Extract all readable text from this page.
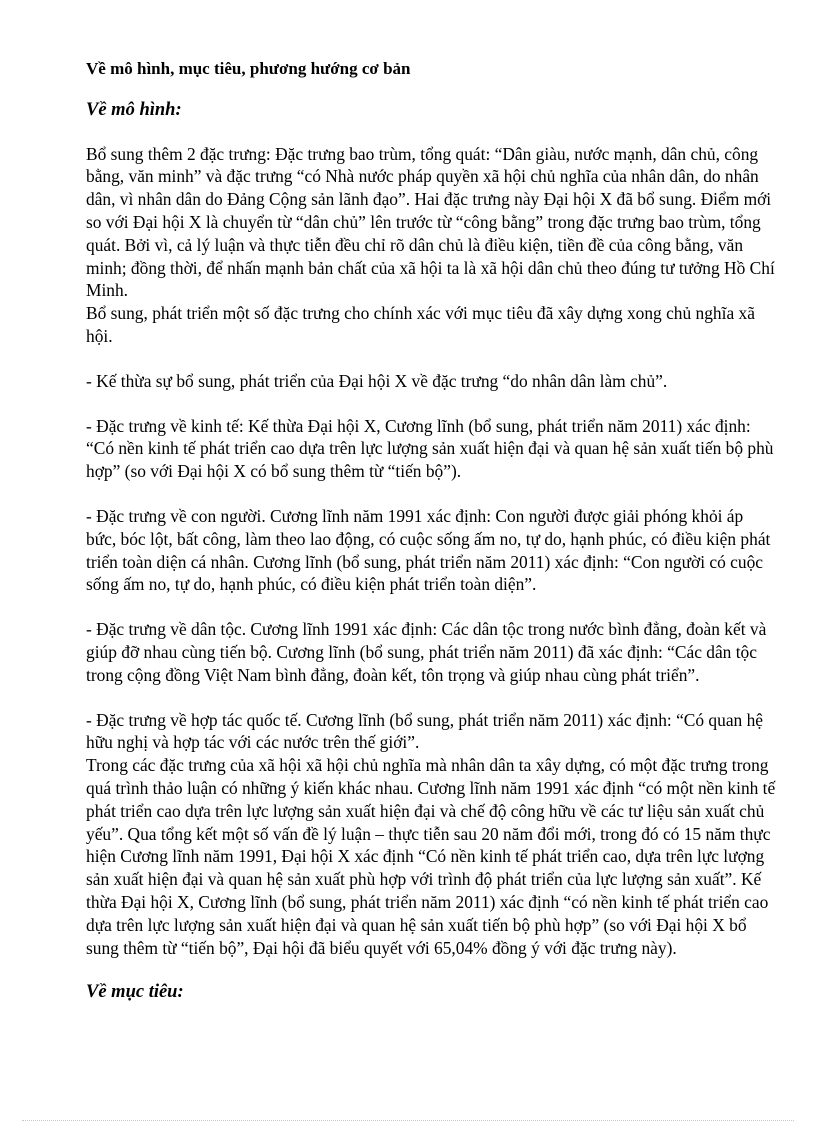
Về mô hình, mục tiêu, phương hướng cơ bản
Về mô hình:

Bổ sung thêm 2 đặc trưng: Đặc trưng bao trùm, tổng quát: “Dân giàu, nước mạnh, dân chủ, công bằng, văn minh” và đặc trưng “có Nhà nước pháp quyền xã hội chủ nghĩa của nhân dân, do nhân dân, vì nhân dân do Đảng Cộng sản lãnh đạo”. Hai đặc trưng này Đại hội X đã bổ sung. Điểm mới so với Đại hội X là chuyển từ “dân chủ” lên trước từ “công bằng” trong đặc trưng bao trùm, tổng quát. Bởi vì, cả lý luận và thực tiễn đều chỉ rõ dân chủ là điều kiện, tiền đề của công bằng, văn minh; đồng thời, để nhấn mạnh bản chất của xã hội ta là xã hội dân chủ theo đúng tư tưởng Hồ Chí Minh.

Bổ sung, phát triển một số đặc trưng cho chính xác với mục tiêu đã xây dựng xong chủ nghĩa xã hội.

- Kế thừa sự bổ sung, phát triển của Đại hội X về đặc trưng “do nhân dân làm chủ”.

- Đặc trưng về kinh tế: Kế thừa Đại hội X, Cương lĩnh (bổ sung, phát triển năm 2011) xác định: “Có nền kinh tế phát triển cao dựa trên lực lượng sản xuất hiện đại và quan hệ sản xuất tiến bộ phù hợp” (so với Đại hội X có bổ sung thêm từ “tiến bộ”).

- Đặc trưng về con người. Cương lĩnh năm 1991 xác định: Con người được giải phóng khỏi áp bức, bóc lột, bất công, làm theo lao động, có cuộc sống ấm no, tự do, hạnh phúc, có điều kiện phát triển toàn diện cá nhân. Cương lĩnh (bổ sung, phát triển năm 2011) xác định: “Con người có cuộc sống ấm no, tự do, hạnh phúc, có điều kiện phát triển toàn diện”.

- Đặc trưng về dân tộc. Cương lĩnh 1991 xác định: Các dân tộc trong nước bình đẳng, đoàn kết và giúp đỡ nhau cùng tiến bộ. Cương lĩnh (bổ sung, phát triển năm 2011) đã xác định: “Các dân tộc trong cộng đồng Việt Nam bình đẳng, đoàn kết, tôn trọng và giúp nhau cùng phát triển”.

- Đặc trưng về hợp tác quốc tế. Cương lĩnh (bổ sung, phát triển năm 2011) xác định: “Có quan hệ hữu nghị và hợp tác với các nước trên thế giới”.

Trong các đặc trưng của xã hội xã hội chủ nghĩa mà nhân dân ta xây dựng, có một đặc trưng trong quá trình thảo luận có những ý kiến khác nhau. Cương lĩnh năm 1991 xác định “có một nền kinh tế phát triển cao dựa trên lực lượng sản xuất hiện đại và chế độ công hữu về các tư liệu sản xuất chủ yếu”. Qua tổng kết một số vấn đề lý luận – thực tiễn sau 20 năm đổi mới, trong đó có 15 năm thực hiện Cương lĩnh năm 1991, Đại hội X xác định “Có nền kinh tế phát triển cao, dựa trên lực lượng sản xuất hiện đại và quan hệ sản xuất phù hợp với trình độ phát triển của lực lượng sản xuất”. Kế thừa Đại hội X, Cương lĩnh (bổ sung, phát triển năm 2011) xác định “có nền kinh tế phát triển cao dựa trên lực lượng sản xuất hiện đại và quan hệ sản xuất tiến bộ phù hợp” (so với Đại hội X bổ sung thêm từ “tiến bộ”, Đại hội đã biểu quyết với 65,04% đồng ý với đặc trưng này).

Về mục tiêu:
